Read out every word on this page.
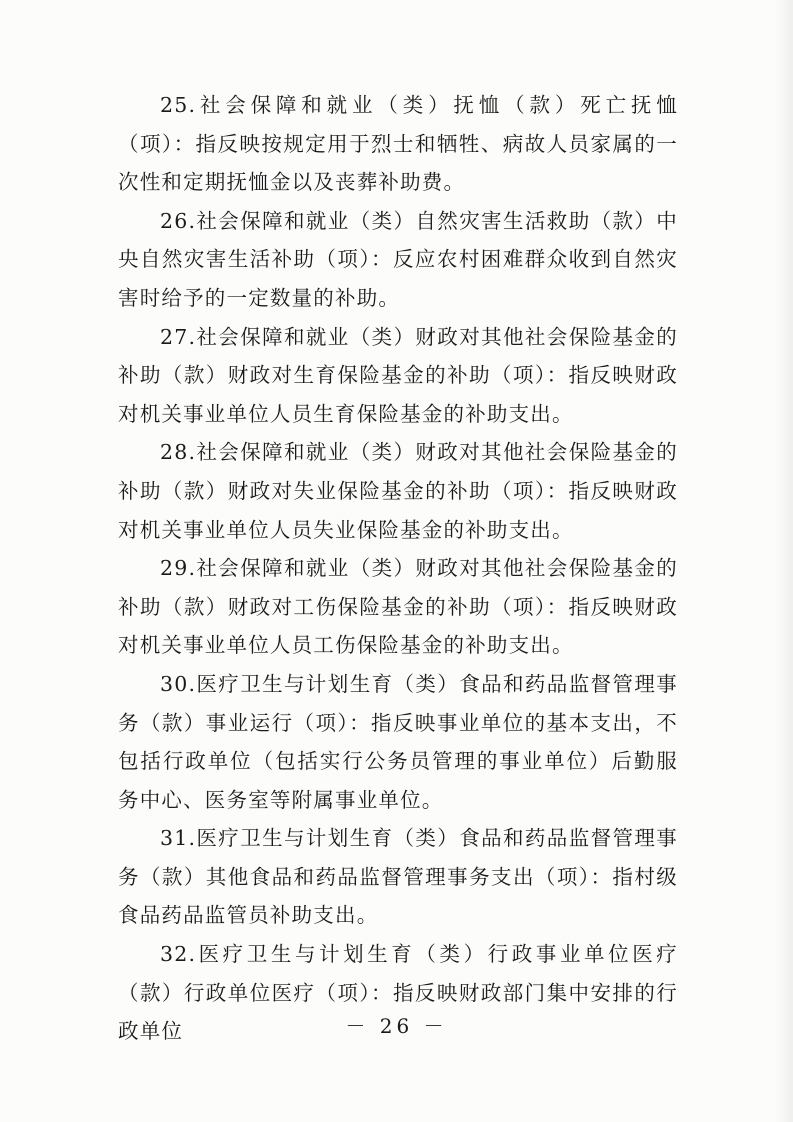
25.社会保障和就业（类）抚恤（款）死亡抚恤（项）：指反映按规定用于烈士和牺牲、病故人员家属的一次性和定期抚恤金以及丧葬补助费。

26.社会保障和就业（类）自然灾害生活救助（款）中央自然灾害生活补助（项）：反应农村困难群众收到自然灾害时给予的一定数量的补助。

27.社会保障和就业（类）财政对其他社会保险基金的补助（款）财政对生育保险基金的补助（项）：指反映财政对机关事业单位人员生育保险基金的补助支出。

28.社会保障和就业（类）财政对其他社会保险基金的补助（款）财政对失业保险基金的补助（项）：指反映财政对机关事业单位人员失业保险基金的补助支出。

29.社会保障和就业（类）财政对其他社会保险基金的补助（款）财政对工伤保险基金的补助（项）：指反映财政对机关事业单位人员工伤保险基金的补助支出。

30.医疗卫生与计划生育（类）食品和药品监督管理事务（款）事业运行（项）：指反映事业单位的基本支出，不包括行政单位（包括实行公务员管理的事业单位）后勤服务中心、医务室等附属事业单位。

31.医疗卫生与计划生育（类）食品和药品监督管理事务（款）其他食品和药品监督管理事务支出（项）：指村级食品药品监管员补助支出。

32.医疗卫生与计划生育（类）行政事业单位医疗（款）行政单位医疗（项）：指反映财政部门集中安排的行政单位	－ 26 －
